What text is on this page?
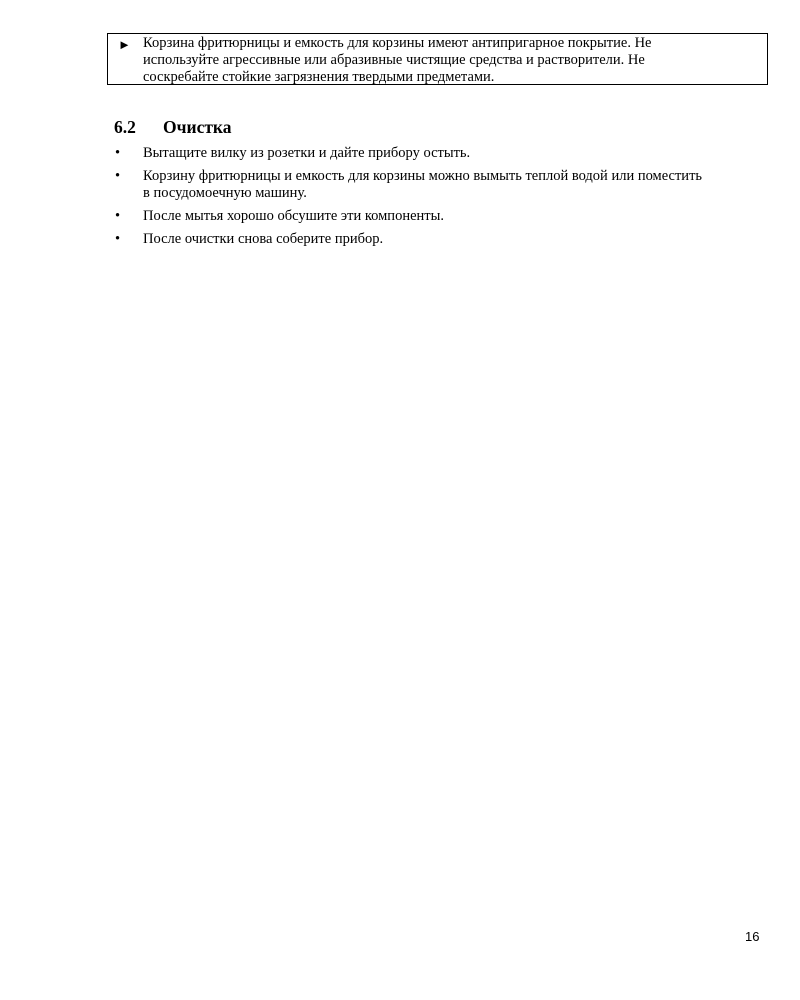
► Корзина фритюрницы и емкость для корзины имеют антипригарное покрытие. Не
используйте агрессивные или абразивные чистящие средства и растворители. Не
соскребайте стойкие загрязнения твердыми предметами.
6.2	Очистка
• Вытащите вилку из розетки и дайте прибору остыть.
• Корзину фритюрницы и емкость для корзины можно вымыть теплой водой или поместить
в посудомоечную машину.
• После мытья хорошо обсушите эти компоненты.
• После очистки снова соберите прибор.
16
